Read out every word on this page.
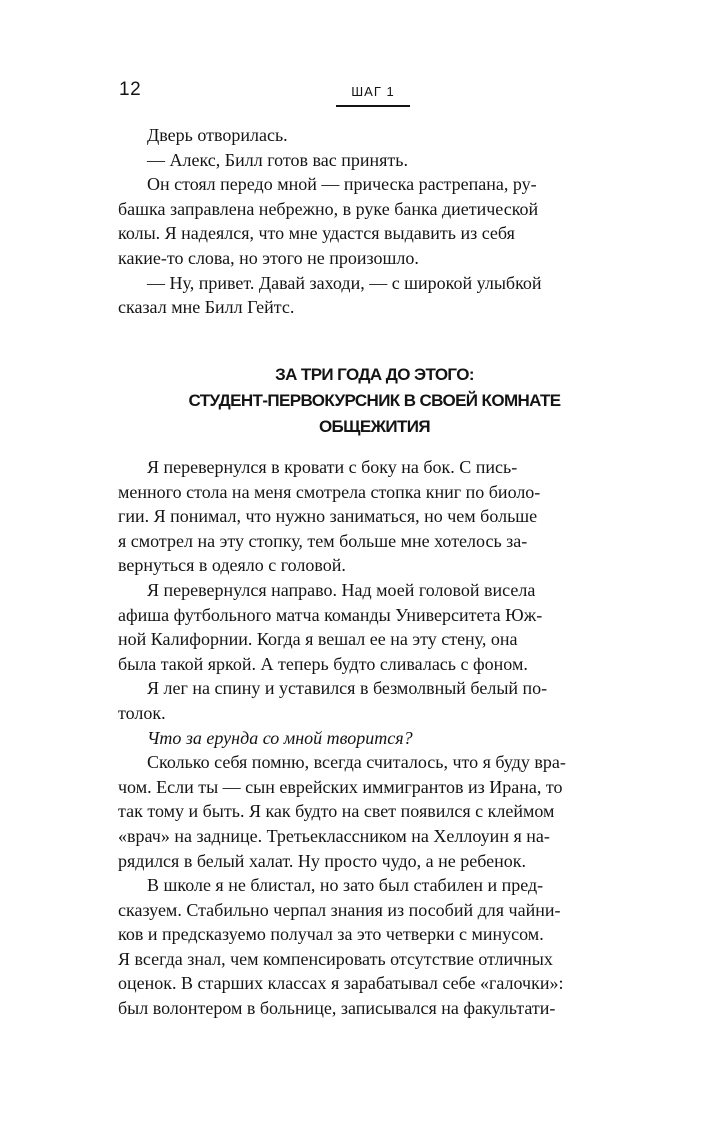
12	ШАГ 1

Дверь отворилась.

— Алекс, Билл готов вас принять.

Он стоял передо мной — прическа растрепана, ру-

башка заправлена небрежно, в руке банка диетической

колы. Я надеялся, что мне удастся выдавить из себя

какие-то слова, но этого не произошло.

— Ну, привет. Давай заходи, — с широкой улыбкой

сказал мне Билл Гейтс.

ЗА ТРИ ГОДА ДО ЭТОГО:
СТУДЕНТ-ПЕРВОКУРСНИК В СВОЕЙ КОМНАТЕ
ОБЩЕЖИТИЯ

Я перевернулся в кровати с боку на бок. С пись-

менного стола на меня смотрела стопка книг по биоло-

гии. Я понимал, что нужно заниматься, но чем больше

я смотрел на эту стопку, тем больше мне хотелось за-

вернуться в одеяло с головой.

Я перевернулся направо. Над моей головой висела

афиша футбольного матча команды Университета Юж-

ной Калифорнии. Когда я вешал ее на эту стену, она

была такой яркой. А теперь будто сливалась с фоном.

Я лег на спину и уставился в безмолвный белый по-

толок.

Что за ерунда со мной творится?

Сколько себя помню, всегда считалось, что я буду вра-

чом. Если ты — сын еврейских иммигрантов из Ирана, то

так тому и быть. Я как будто на свет появился с клеймом

«врач» на заднице. Третьеклассником на Хеллоуин я на-

рядился в белый халат. Ну просто чудо, а не ребенок.

В школе я не блистал, но зато был стабилен и пред-

сказуем. Стабильно черпал знания из пособий для чайни-

ков и предсказуемо получал за это четверки с минусом.

Я всегда знал, чем компенсировать отсутствие отличных

оценок. В старших классах я зарабатывал себе «галочки»:

был волонтером в больнице, записывался на факультати-
